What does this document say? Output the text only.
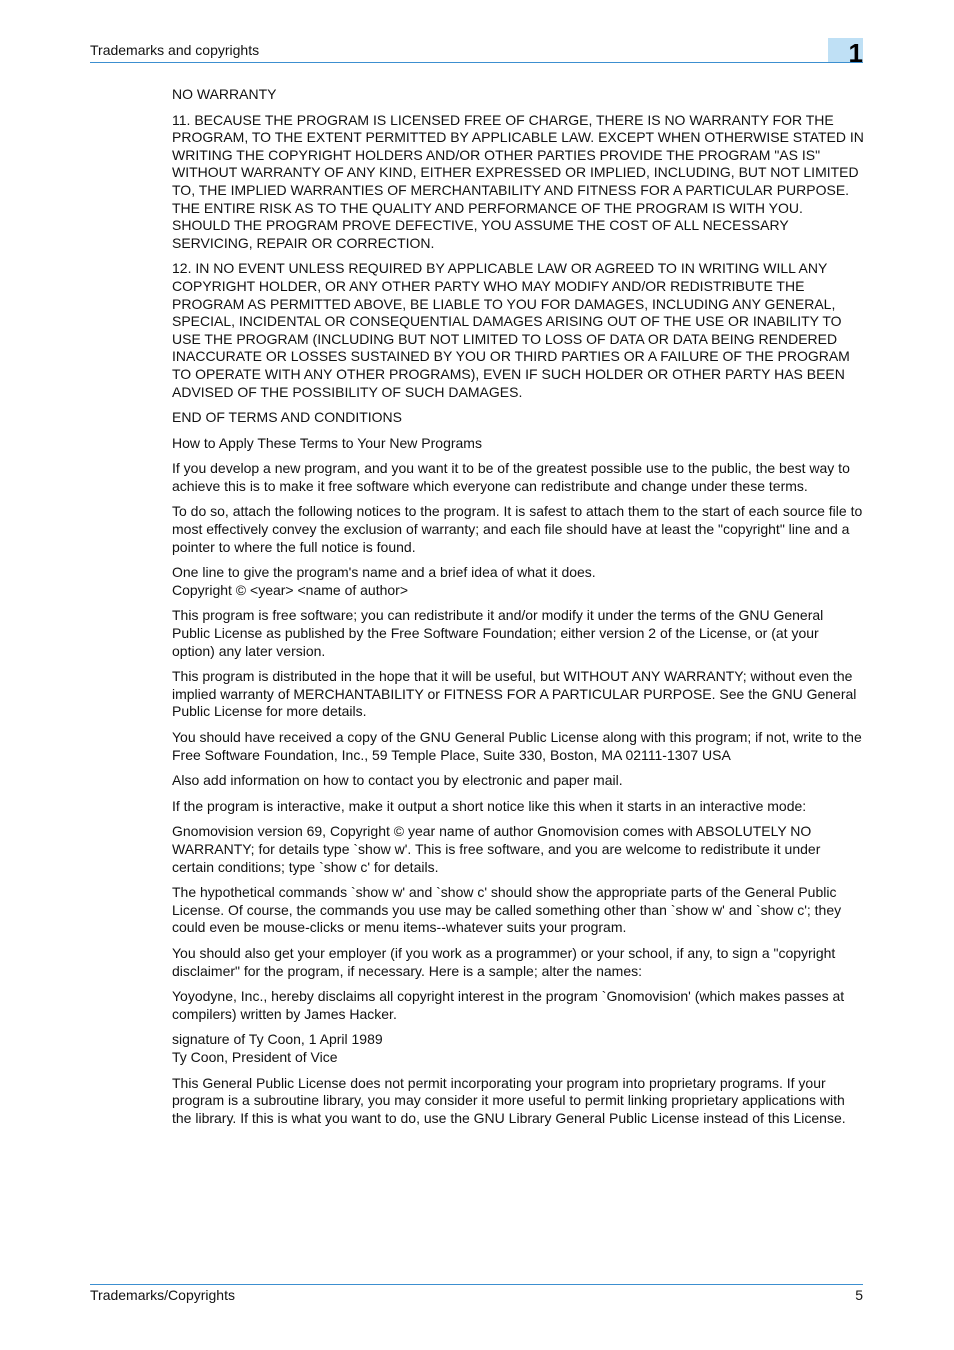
Trademarks and copyrights	1

NO WARRANTY

11. BECAUSE THE PROGRAM IS LICENSED FREE OF CHARGE, THERE IS NO WARRANTY FOR THE PROGRAM, TO THE EXTENT PERMITTED BY APPLICABLE LAW. EXCEPT WHEN OTHERWISE STATED IN WRITING THE COPYRIGHT HOLDERS AND/OR OTHER PARTIES PROVIDE THE PROGRAM "AS IS" WITHOUT WARRANTY OF ANY KIND, EITHER EXPRESSED OR IMPLIED, INCLUDING, BUT NOT LIMITED TO, THE IMPLIED WARRANTIES OF MERCHANTABILITY AND FITNESS FOR A PARTICULAR PURPOSE. THE ENTIRE RISK AS TO THE QUALITY AND PERFORMANCE OF THE PROGRAM IS WITH YOU. SHOULD THE PROGRAM PROVE DEFECTIVE, YOU ASSUME THE COST OF ALL NECESSARY SERVICING, REPAIR OR CORRECTION.

12. IN NO EVENT UNLESS REQUIRED BY APPLICABLE LAW OR AGREED TO IN WRITING WILL ANY COPYRIGHT HOLDER, OR ANY OTHER PARTY WHO MAY MODIFY AND/OR REDISTRIBUTE THE PROGRAM AS PERMITTED ABOVE, BE LIABLE TO YOU FOR DAMAGES, INCLUDING ANY GENERAL, SPECIAL, INCIDENTAL OR CONSEQUENTIAL DAMAGES ARISING OUT OF THE USE OR INABILITY TO USE THE PROGRAM (INCLUDING BUT NOT LIMITED TO LOSS OF DATA OR DATA BEING RENDERED INACCURATE OR LOSSES SUSTAINED BY YOU OR THIRD PARTIES OR A FAILURE OF THE PROGRAM TO OPERATE WITH ANY OTHER PROGRAMS), EVEN IF SUCH HOLDER OR OTHER PARTY HAS BEEN ADVISED OF THE POSSIBILITY OF SUCH DAMAGES.

END OF TERMS AND CONDITIONS

How to Apply These Terms to Your New Programs

If you develop a new program, and you want it to be of the greatest possible use to the public, the best way to achieve this is to make it free software which everyone can redistribute and change under these terms.

To do so, attach the following notices to the program. It is safest to attach them to the start of each source file to most effectively convey the exclusion of warranty; and each file should have at least the "copyright" line and a pointer to where the full notice is found.

One line to give the program's name and a brief idea of what it does.
Copyright © <year> <name of author>

This program is free software; you can redistribute it and/or modify it under the terms of the GNU General Public License as published by the Free Software Foundation; either version 2 of the License, or (at your option) any later version.

This program is distributed in the hope that it will be useful, but WITHOUT ANY WARRANTY; without even the implied warranty of MERCHANTABILITY or FITNESS FOR A PARTICULAR PURPOSE. See the GNU General Public License for more details.

You should have received a copy of the GNU General Public License along with this program; if not, write to the Free Software Foundation, Inc., 59 Temple Place, Suite 330, Boston, MA 02111-1307 USA

Also add information on how to contact you by electronic and paper mail.

If the program is interactive, make it output a short notice like this when it starts in an interactive mode:

Gnomovision version 69, Copyright © year name of author Gnomovision comes with ABSOLUTELY NO WARRANTY; for details type `show w'. This is free software, and you are welcome to redistribute it under certain conditions; type `show c' for details.

The hypothetical commands `show w' and `show c' should show the appropriate parts of the General Public License. Of course, the commands you use may be called something other than `show w' and `show c'; they could even be mouse-clicks or menu items--whatever suits your program.

You should also get your employer (if you work as a programmer) or your school, if any, to sign a "copyright disclaimer" for the program, if necessary. Here is a sample; alter the names:

Yoyodyne, Inc., hereby disclaims all copyright interest in the program `Gnomovision' (which makes passes at compilers) written by James Hacker.

signature of Ty Coon, 1 April 1989
Ty Coon, President of Vice

This General Public License does not permit incorporating your program into proprietary programs. If your program is a subroutine library, you may consider it more useful to permit linking proprietary applications with the library. If this is what you want to do, use the GNU Library General Public License instead of this License.

Trademarks/Copyrights	5
